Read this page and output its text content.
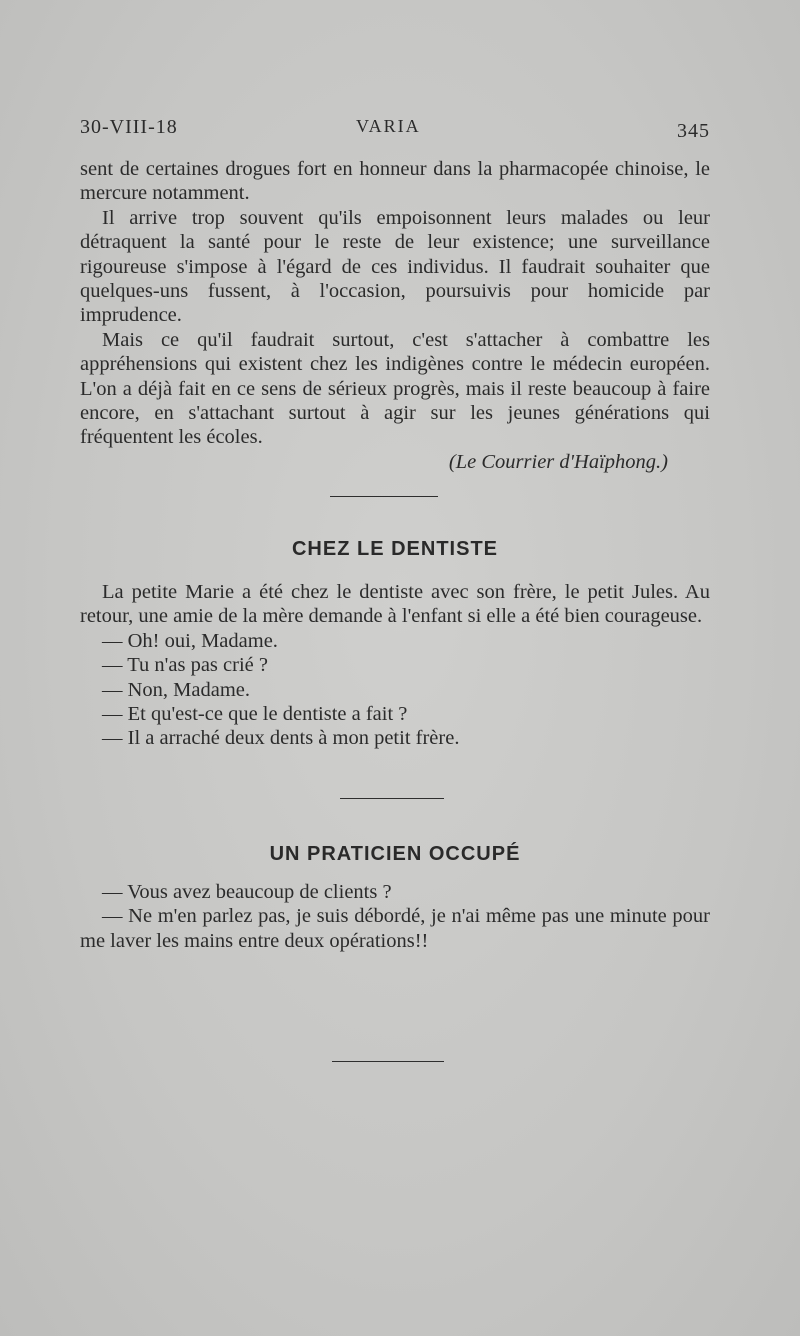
30-VIII-18	VARIA	345

sent de certaines drogues fort en honneur dans la pharmacopée chinoise, le mercure notamment.

Il arrive trop souvent qu'ils empoisonnent leurs malades ou leur détraquent la santé pour le reste de leur existence; une surveillance rigoureuse s'impose à l'égard de ces individus. Il faudrait souhaiter que quelques-uns fussent, à l'occasion, poursuivis pour homicide par imprudence.

Mais ce qu'il faudrait surtout, c'est s'attacher à combattre les appréhensions qui existent chez les indigènes contre le médecin européen. L'on a déjà fait en ce sens de sérieux progrès, mais il reste beaucoup à faire encore, en s'attachant surtout à agir sur les jeunes générations qui fréquentent les écoles.

(Le Courrier d'Haïphong.)

CHEZ LE DENTISTE

La petite Marie a été chez le dentiste avec son frère, le petit Jules. Au retour, une amie de la mère demande à l'enfant si elle a été bien courageuse.

— Oh! oui, Madame.

— Tu n'as pas crié ?

— Non, Madame.

— Et qu'est-ce que le dentiste a fait ?

— Il a arraché deux dents à mon petit frère.

UN PRATICIEN OCCUPÉ

— Vous avez beaucoup de clients ?

— Ne m'en parlez pas, je suis débordé, je n'ai même pas une minute pour me laver les mains entre deux opérations!!
